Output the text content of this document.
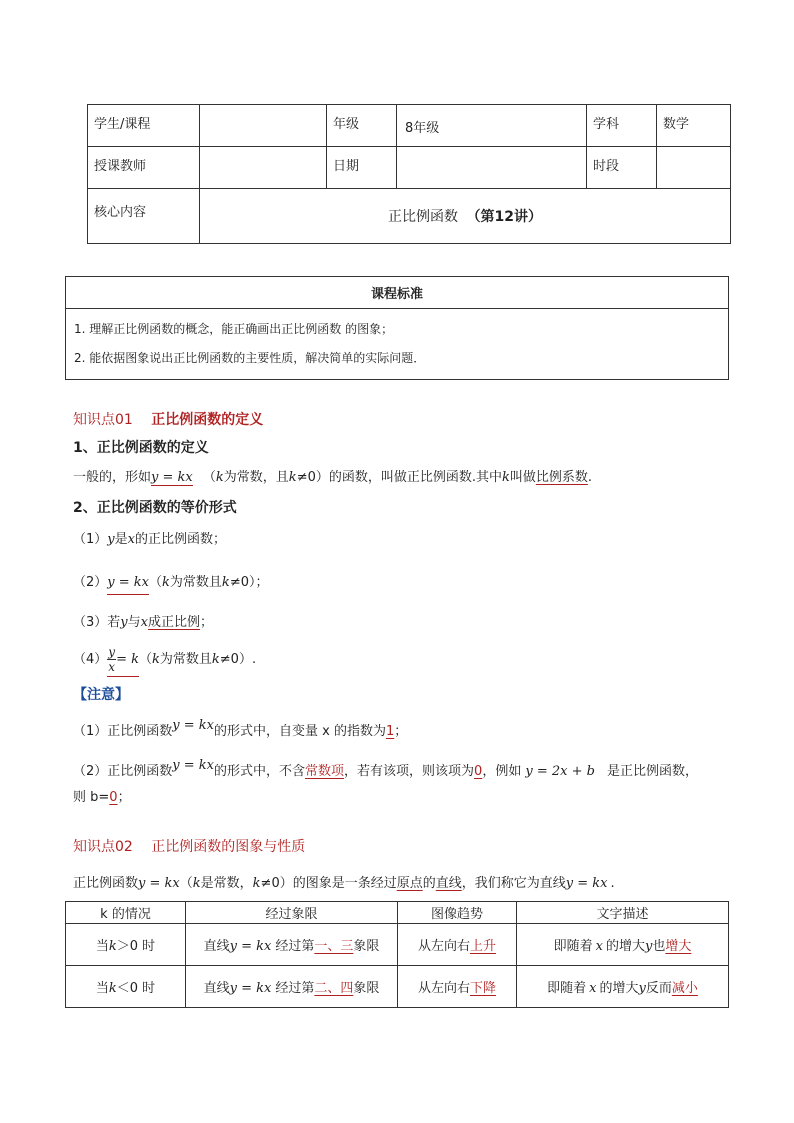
学生/课程		年级	8年级	学科	数学
授课教师		日期		时段	
核心内容	正比例函数 （第12讲）				
课程标准

1. 理解正比例函数的概念，能正确画出正比例函数 的图象；
2. 能依据图象说出正比例函数的主要性质，解决简单的实际问题．
知识点01 正比例函数的定义
1、正比例函数的定义
一般的，形如y = kx （k为常数，且k≠0）的函数，叫做正比例函数.其中k叫做比例系数.
2、正比例函数的等价形式
（1）y是x的正比例函数；
（2）y = kx（k为常数且k≠0）；
（3）若y与x成正比例；
$(4) \frac{y}{x} = k(k$为常数且k≠0）.
【注意】
（1）正比例函数y = kx的形式中，自变量 x 的指数为1；
（2）正比例函数y = kx的形式中，不含常数项，若有该项，则该项为0，例如 y = 2x + b 是正比例函数，
则 b=0；
知识点02 正比例函数的图象与性质
正比例函数y = kx（k是常数，k≠0）的图象是一条经过原点的直线，我们称它为直线y = kx .
k 的情况	经过象限	图像趋势	文字描述
当k＞0 时	直线y = kx 经过第一、三象限	从左向右上升	即随着 x 的增大y也增大
当k＜0 时	直线y = kx 经过第二、四象限	从左向右下降	即随着 x 的增大y反而减小
